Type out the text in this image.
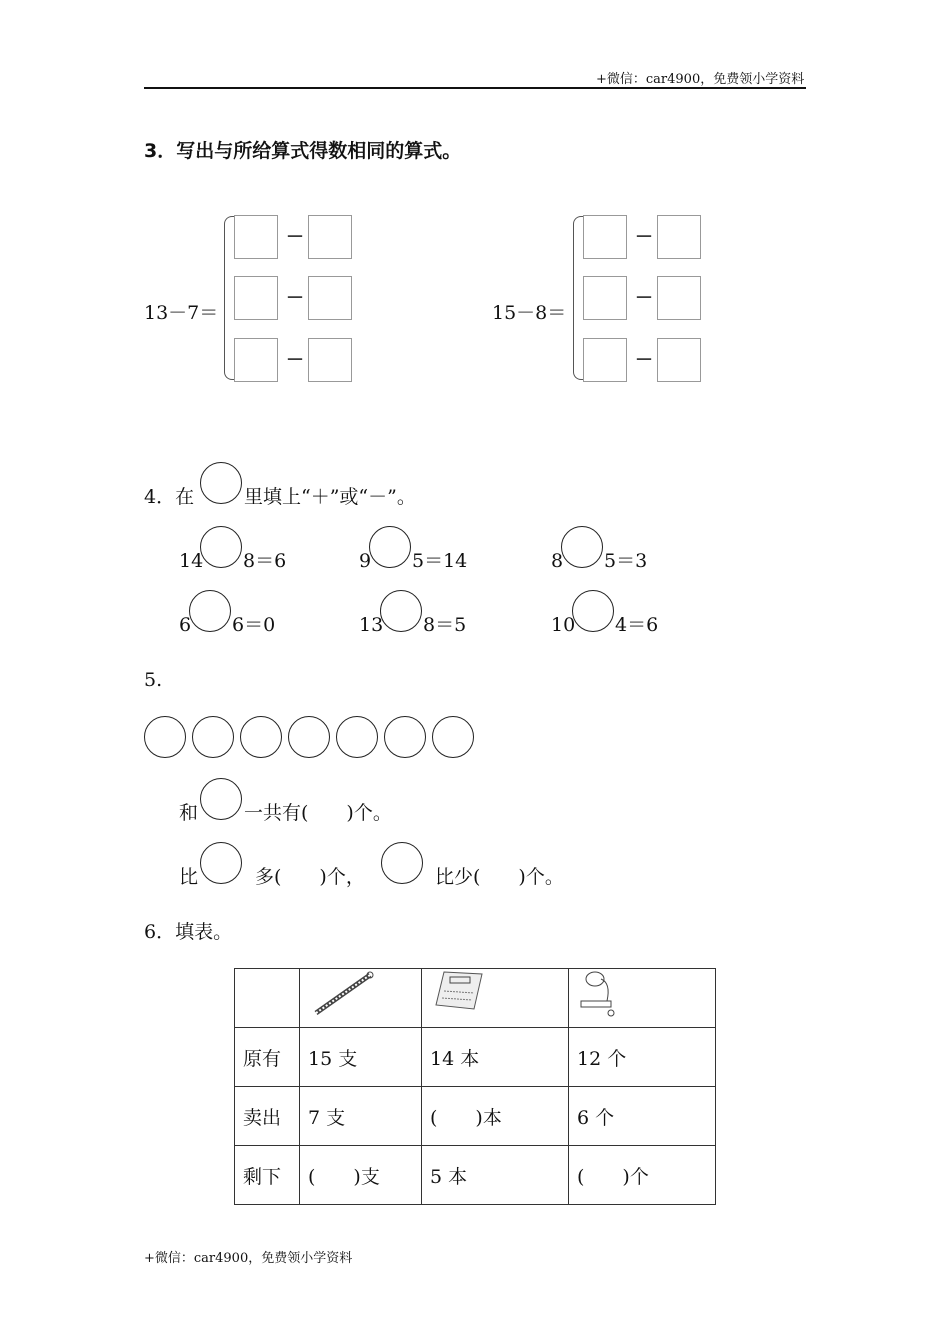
+微信：car4900，免费领小学资料
3．写出与所给算式得数相同的算式。
13－7＝	15－8＝
－
－
－
－
－
－
4．在	里填上“＋”或“－”。
14 8＝6	9 5＝14	8 5＝3
6 6＝0	13 8＝5	10 4＝6
5.
和 一共有(　　)个。
比	多(　　)个，	比少(　　)个。
6．填表。

原有	15 支	14 本	12 个
卖出	7 支	(　　)本	6 个
剩下	(　　)支	5 本	(　　)个
+微信：car4900，免费领小学资料
